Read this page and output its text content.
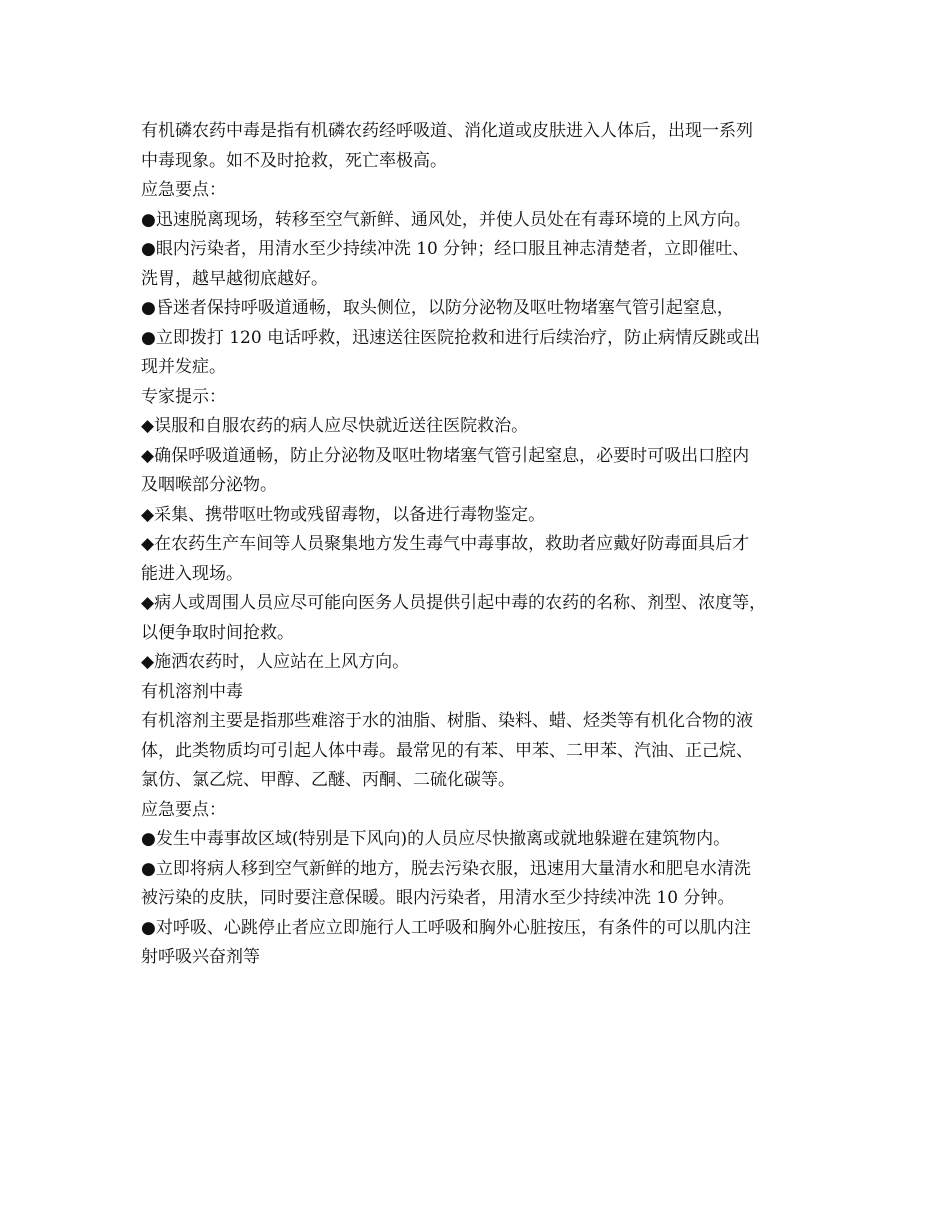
有机磷农药中毒是指有机磷农药经呼吸道、消化道或皮肤进入人体后，出现一系列
中毒现象。如不及时抢救，死亡率极高。
应急要点：
●迅速脱离现场，转移至空气新鲜、通风处，并使人员处在有毒环境的上风方向。
●眼内污染者，用清水至少持续冲洗 10 分钟；经口服且神志清楚者，立即催吐、
洗胃，越早越彻底越好。
●昏迷者保持呼吸道通畅，取头侧位，以防分泌物及呕吐物堵塞气管引起窒息，
●立即拨打 120 电话呼救，迅速送往医院抢救和进行后续治疗，防止病情反跳或出
现并发症。
专家提示：
◆误服和自服农药的病人应尽快就近送往医院救治。
◆确保呼吸道通畅，防止分泌物及呕吐物堵塞气管引起窒息，必要时可吸出口腔内
及咽喉部分泌物。
◆采集、携带呕吐物或残留毒物，以备进行毒物鉴定。
◆在农药生产车间等人员聚集地方发生毒气中毒事故，救助者应戴好防毒面具后才
能进入现场。
◆病人或周围人员应尽可能向医务人员提供引起中毒的农药的名称、剂型、浓度等，
以便争取时间抢救。
◆施洒农药时，人应站在上风方向。
有机溶剂中毒
有机溶剂主要是指那些难溶于水的油脂、树脂、染料、蜡、烃类等有机化合物的液
体，此类物质均可引起人体中毒。最常见的有苯、甲苯、二甲苯、汽油、正己烷、
氯仿、氯乙烷、甲醇、乙醚、丙酮、二硫化碳等。
应急要点：
●发生中毒事故区域(特别是下风向)的人员应尽快撤离或就地躲避在建筑物内。
●立即将病人移到空气新鲜的地方，脱去污染衣服，迅速用大量清水和肥皂水清洗
被污染的皮肤，同时要注意保暖。眼内污染者，用清水至少持续冲洗 10 分钟。
●对呼吸、心跳停止者应立即施行人工呼吸和胸外心脏按压，有条件的可以肌内注
射呼吸兴奋剂等
